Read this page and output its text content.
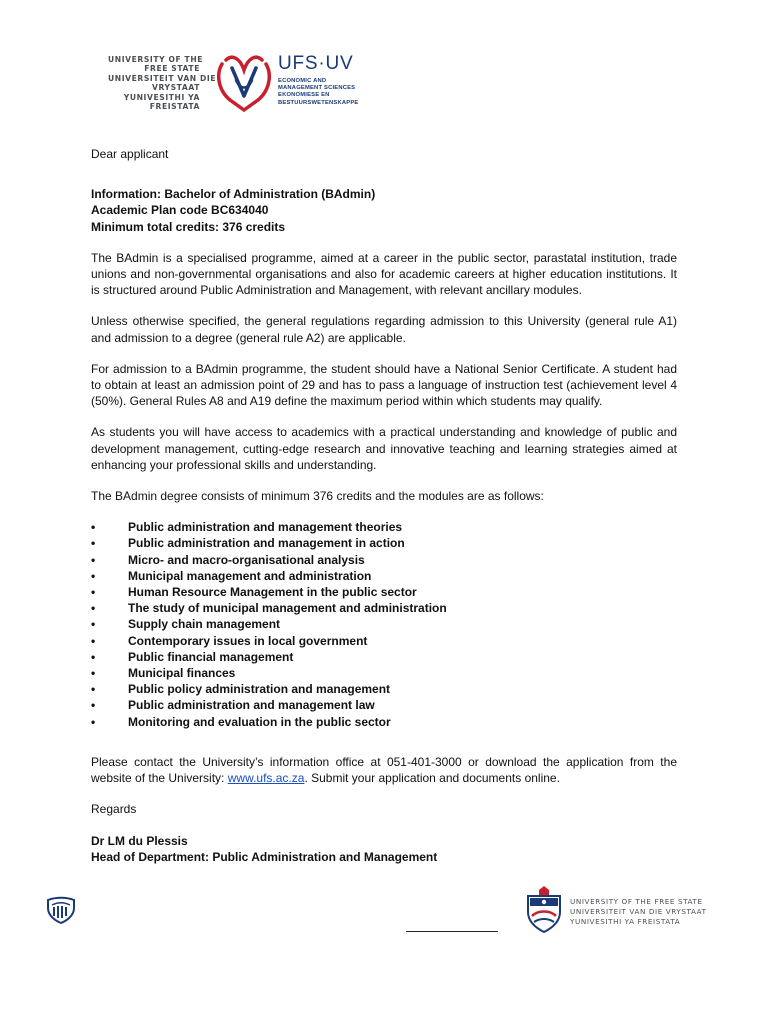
UNIVERSITY OF THE
FREE STATE
UNIVERSITEIT VAN DIE
VRYSTAAT
YUNIVESITHI YA
FREISTATA
UFS·UV
ECONOMIC AND
MANAGEMENT SCIENCES
EKONOMIESE EN
BESTUURSWETENSKAPPE

Dear applicant

Information: Bachelor of Administration (BAdmin)
Academic Plan code BC634040
Minimum total credits: 376 credits

The BAdmin is a specialised programme, aimed at a career in the public sector, parastatal institution, trade unions and non-governmental organisations and also for academic careers at higher education institutions. It is structured around Public Administration and Management, with relevant ancillary modules.

Unless otherwise specified, the general regulations regarding admission to this University (general rule A1) and admission to a degree (general rule A2) are applicable.

For admission to a BAdmin programme, the student should have a National Senior Certificate. A student had to obtain at least an admission point of 29 and has to pass a language of instruction test (achievement level 4 (50%). General Rules A8 and A19 define the maximum period within which students may qualify.

As students you will have access to academics with a practical understanding and knowledge of public and development management, cutting-edge research and innovative teaching and learning strategies aimed at enhancing your professional skills and understanding.

The BAdmin degree consists of minimum 376 credits and the modules are as follows:

•	Public administration and management theories
•	Public administration and management in action
•	Micro- and macro-organisational analysis
•	Municipal management and administration
•	Human Resource Management in the public sector
•	The study of municipal management and administration
•	Supply chain management
•	Contemporary issues in local government
•	Public financial management
•	Municipal finances
•	Public policy administration and management
•	Public administration and management law
•	Monitoring and evaluation in the public sector

Please contact the University’s information office at 051-401-3000 or download the application from the website of the University: www.ufs.ac.za. Submit your application and documents online.

Regards

Dr LM du Plessis
Head of Department: Public Administration and Management
UNIVERSITY OF THE FREE STATE
UNIVERSITEIT VAN DIE VRYSTAAT
YUNIVESITHI YA FREISTATA
